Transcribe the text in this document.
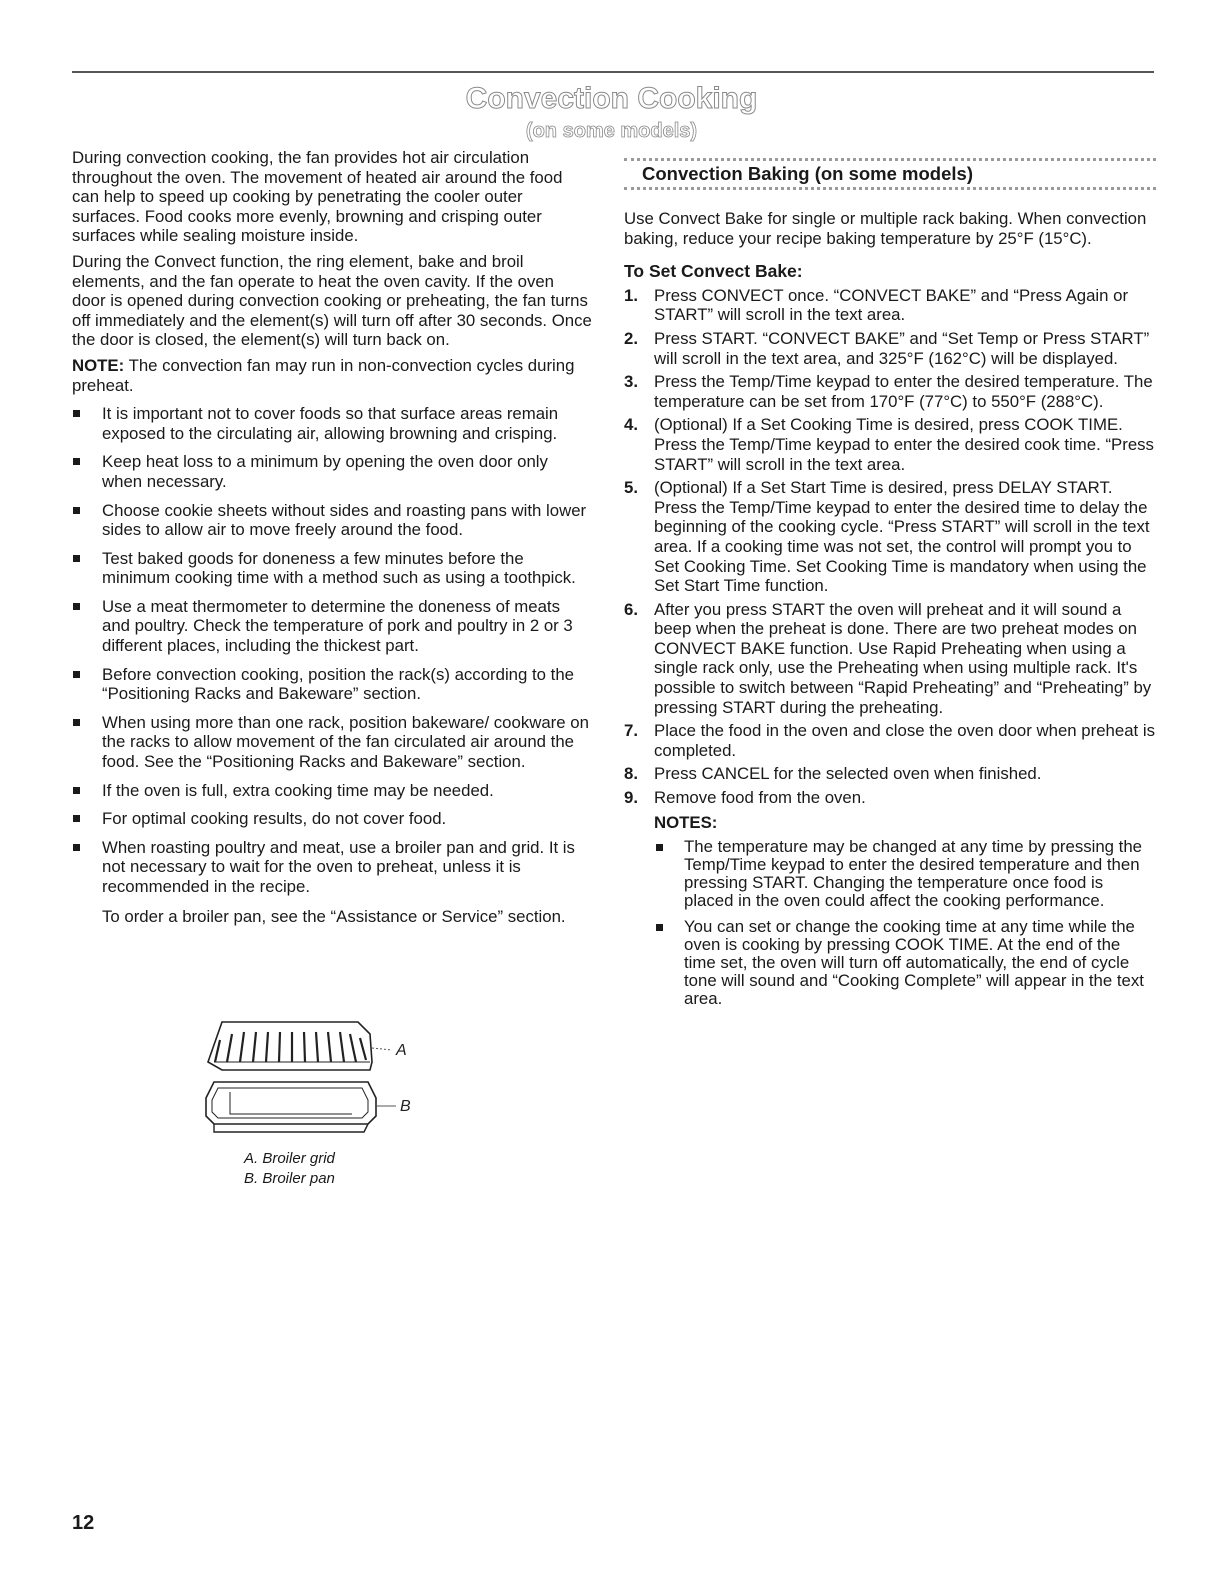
Convection Cooking
(on some models)

During convection cooking, the fan provides hot air circulation throughout the oven. The movement of heated air around the food can help to speed up cooking by penetrating the cooler outer surfaces. Food cooks more evenly, browning and crisping outer surfaces while sealing moisture inside.

During the Convect function, the ring element, bake and broil elements, and the fan operate to heat the oven cavity. If the oven door is opened during convection cooking or preheating, the fan turns off immediately and the element(s) will turn off after 30 seconds. Once the door is closed, the element(s) will turn back on.

NOTE: The convection fan may run in non-convection cycles during preheat.

It is important not to cover foods so that surface areas remain exposed to the circulating air, allowing browning and crisping.
Keep heat loss to a minimum by opening the oven door only when necessary.
Choose cookie sheets without sides and roasting pans with lower sides to allow air to move freely around the food.
Test baked goods for doneness a few minutes before the minimum cooking time with a method such as using a toothpick.
Use a meat thermometer to determine the doneness of meats and poultry. Check the temperature of pork and poultry in 2 or 3 different places, including the thickest part.
Before convection cooking, position the rack(s) according to the “Positioning Racks and Bakeware” section.
When using more than one rack, position bakeware/ cookware on the racks to allow movement of the fan circulated air around the food. See the “Positioning Racks and Bakeware” section.
If the oven is full, extra cooking time may be needed.
For optimal cooking results, do not cover food.
When roasting poultry and meat, use a broiler pan and grid. It is not necessary to wait for the oven to preheat, unless it is recommended in the recipe.

To order a broiler pan, see the “Assistance or Service” section.

A
B
A. Broiler grid
B. Broiler pan
Convection Baking (on some models)

Use Convect Bake for single or multiple rack baking. When convection baking, reduce your recipe baking temperature by 25°F (15°C).

To Set Convect Bake:
1. Press CONVECT once. “CONVECT BAKE” and “Press Again or START” will scroll in the text area.
2. Press START. “CONVECT BAKE” and “Set Temp or Press START” will scroll in the text area, and 325°F (162°C) will be displayed.
3. Press the Temp/Time keypad to enter the desired temperature. The temperature can be set from 170°F (77°C) to 550°F (288°C).
4. (Optional) If a Set Cooking Time is desired, press COOK TIME. Press the Temp/Time keypad to enter the desired cook time. “Press START” will scroll in the text area.
5. (Optional) If a Set Start Time is desired, press DELAY START. Press the Temp/Time keypad to enter the desired time to delay the beginning of the cooking cycle. “Press START” will scroll in the text area. If a cooking time was not set, the control will prompt you to Set Cooking Time. Set Cooking Time is mandatory when using the Set Start Time function.
6. After you press START the oven will preheat and it will sound a beep when the preheat is done. There are two preheat modes on CONVECT BAKE function. Use Rapid Preheating when using a single rack only, use the Preheating when using multiple rack. It's possible to switch between “Rapid Preheating” and “Preheating” by pressing START during the preheating.
7. Place the food in the oven and close the oven door when preheat is completed.
8. Press CANCEL for the selected oven when finished.
9. Remove food from the oven.
NOTES:
The temperature may be changed at any time by pressing the Temp/Time keypad to enter the desired temperature and then pressing START. Changing the temperature once food is placed in the oven could affect the cooking performance.
You can set or change the cooking time at any time while the oven is cooking by pressing COOK TIME. At the end of the time set, the oven will turn off automatically, the end of cycle tone will sound and “Cooking Complete” will appear in the text area.
12
